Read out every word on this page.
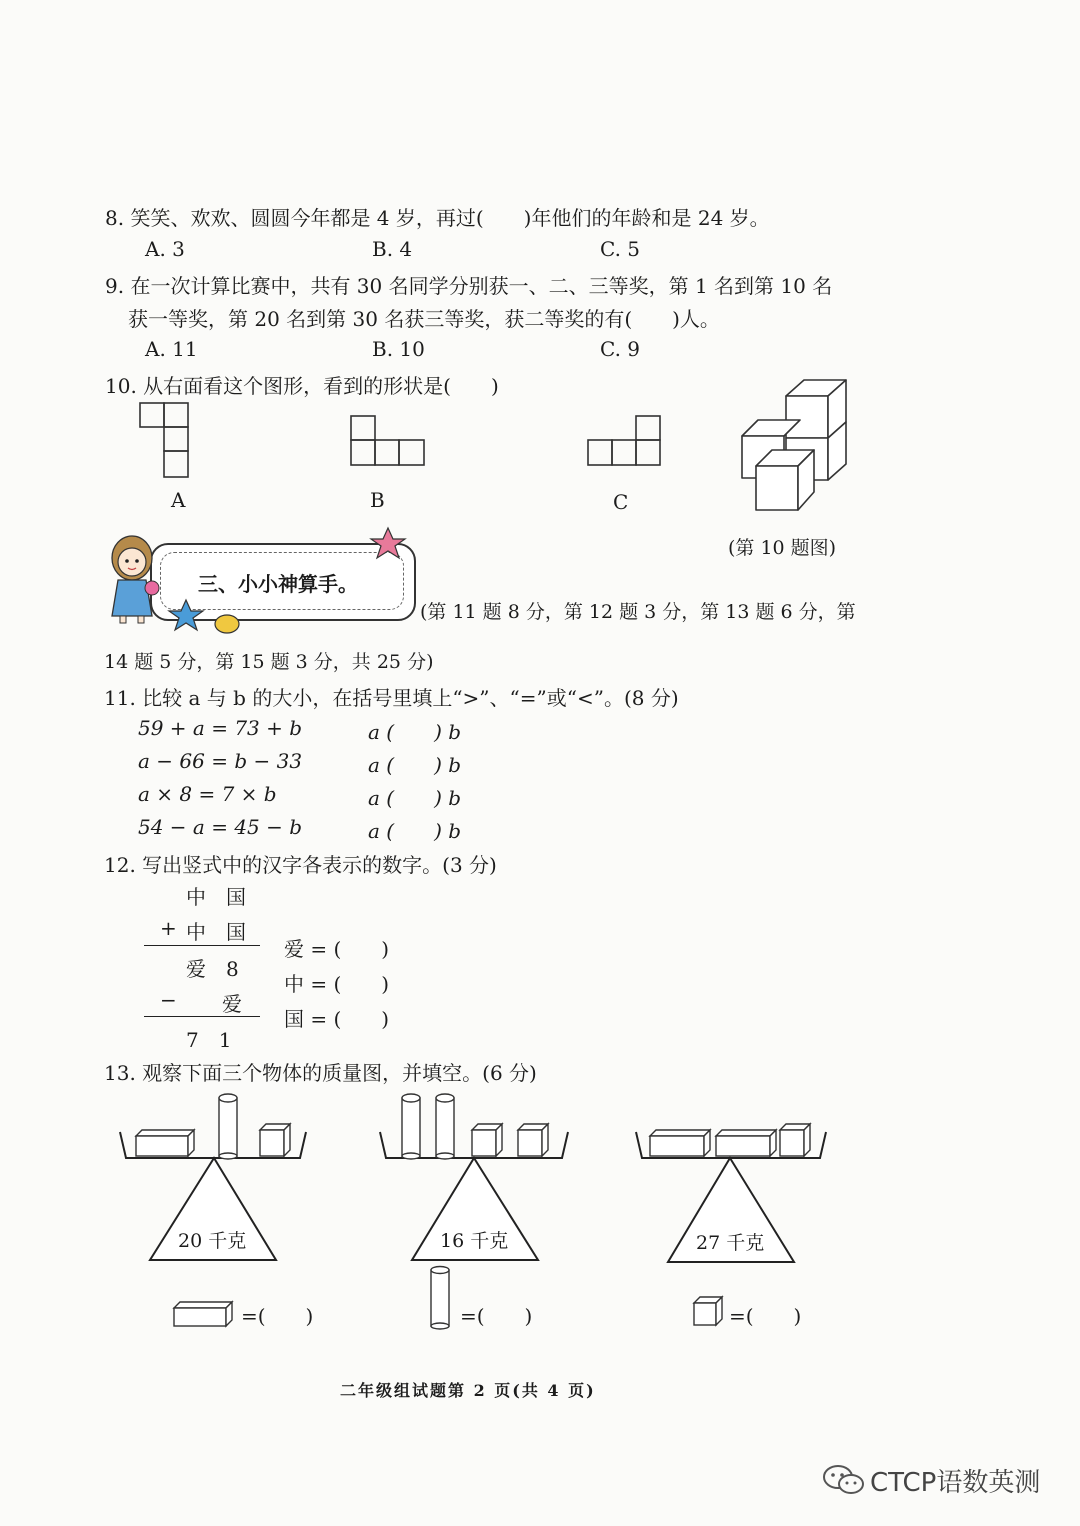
8. 笑笑、欢欢、圆圆今年都是 4 岁，再过(　　)年他们的年龄和是 24 岁。
A. 3	B. 4	C. 5
9. 在一次计算比赛中，共有 30 名同学分别获一、二、三等奖，第 1 名到第 10 名
获一等奖，第 20 名到第 30 名获三等奖，获二等奖的有(　　)人。
A. 11	B. 10	C. 9
10. 从右面看这个图形，看到的形状是(　　)
A	B	C
(第 10 题图)
三、小小神算手。
(第 11 题 8 分，第 12 题 3 分，第 13 题 6 分，第
14 题 5 分，第 15 题 3 分，共 25 分)
11. 比较 a 与 b 的大小，在括号里填上“>”、“=”或“<”。(8 分)
59 + a = 73 + b	a (　　) b
a − 66 = b − 33	a (　　) b
a × 8 = 7 × b	a (　　) b
54 − a = 45 − b	a (　　) b
12. 写出竖式中的汉字各表示的数字。(3 分)
中　国
+ 中　国
爱　8
− 爱
7　1
爱 = (　　)
中 = (　　)
国 = (　　)
13. 观察下面三个物体的质量图，并填空。(6 分)
20 千克	16 千克	27 千克
=(　　)	=(　　)	=(　　)
二年级组试题第 2 页(共 4 页)
CTCP语数英测
